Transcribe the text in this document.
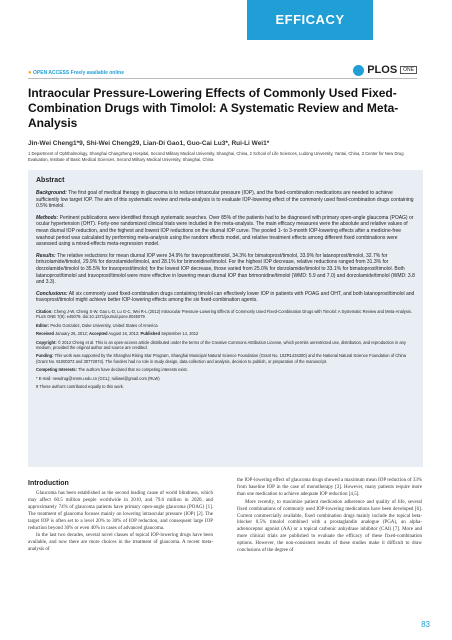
EFFICACY
● OPEN ACCESS Freely available online	PLOS	ONE
Intraocular Pressure-Lowering Effects of Commonly Used Fixed-Combination Drugs with Timolol: A Systematic Review and Meta-Analysis
Jin-Wei Cheng1*9, Shi-Wei Cheng29, Lian-Di Gao1, Guo-Cai Lu3*, Rui-Li Wei1*
1 Department of Ophthalmology, Shanghai Changzheng Hospital, Second Military Medical University, Shanghai, China, 2 School of Life Sciences, Ludong University, Yantai, China, 3 Center for New Drug Evaluation, Institute of Basic Medical Sciences, Second Military Medical University, Shanghai, China
Abstract

Background: The first goal of medical therapy in glaucoma is to reduce intraocular pressure (IOP), and the fixed-combination medications are needed to achieve sufficiently low target IOP. The aim of this systematic review and meta-analysis is to evaluate IOP-lowering effect of the commonly used fixed-combination drugs containing 0.5% timolol.

Methods: Pertinent publications were identified through systematic searches. Over 85% of the patients had to be diagnosed with primary open-angle glaucoma (POAG) or ocular hypertension (OHT). Forty-one randomized clinical trials were included in the meta-analysis. The main efficacy measures were the absolute and relative values of mean diurnal IOP reduction, and the highest and lowest IOP reductions on the diurnal IOP curve. The pooled 1- to 3-month IOP-lowering effects after a medicine-free washout period was calculated by performing meta-analysis using the random effects model, and relative treatment effects among different fixed combinations were assessed using a mixed-effects meta-regression model.

Results: The relative reductions for mean diurnal IOP were 34.9% for travoprost/timolol, 34.3% for bimatoprost/timolol, 33.9% for latanoprost/timolol, 32.7% for brinzolamide/timolol, 29.9% for dorzolamide/timolol, and 28.1% for brimonidine/timolol. For the highest IOP decrease, relative reductions ranged from 31.3% for dorzolamide/timolol to 35.5% for travoprost/timolol; for the lowest IOP decrease, those varied from 25.0% for dorzolamide/timolol to 33.1% for bimatoprost/timolol. Both latanoprost/timolol and travoprost/timolol were more effective in lowering mean diurnal IOP than brimonidine/timolol (WMD: 5.9 and 7.0) and dorzolamide/timolol (WMD: 3.8 and 3.3).

Conclusions: All six commonly used fixed-combination drugs containing timolol can effectively lower IOP in patients with POAG and OHT, and both latanoprost/timolol and travoprost/timolol might achieve better IOP-lowering effects among the six fixed-combination agents.

Citation: Cheng J-W, Cheng S-W, Gao L-D, Lu G-C, Wei R-L (2012) Intraocular Pressure-Lowering Effects of Commonly Used Fixed-Combination Drugs with Timolol: A Systematic Review and Meta-Analysis. PLoS ONE 7(9): e45079. doi:10.1371/journal.pone.0045079

Editor: Pedro Gonzalez, Duke University, United States of America

Received January 26, 2012; Accepted August 16, 2012; Published September 14, 2012

Copyright: © 2012 Cheng et al. This is an open-access article distributed under the terms of the Creative Commons Attribution License, which permits unrestricted use, distribution, and reproduction in any medium, provided the original author and source are credited.

Funding: This work was supported by the Shanghai Rising Star Program, Shanghai Municipal Natural Science Foundation (Grant No. 10ZR1434300) and the National Natural Science Foundation of China (Grant No. 81000373 and 30772874). The funders had no role in study design, data collection and analysis, decision to publish, or preparation of the manuscript.

Competing Interests: The authors have declared that no competing interests exist.

* E-mail: newdrug@smmu.edu.cn (GCL); ruiliwei@gmail.com (RLW)

9 These authors contributed equally to this work.

Introduction

Glaucoma has been established as the second leading cause of world blindness, which may affect 60.5 million people worldwide in 2010, and 79.6 million in 2020, and approximately 74% of glaucoma patients have primary open-angle glaucoma (POAG) [1]. The treatment of glaucoma focuses mainly on lowering intraocular pressure (IOP) [2]. The target IOP is often set to a level 20% to 30% of IOP reduction, and consequent large IOP reduction beyond 30% or even 40% in cases of advanced glaucoma.

In the last two decades, several novel classes of topical IOP-lowering drugs have been available, and now there are more choices in the treatment of glaucoma. A recent meta-analysis of

the IOP-lowering effect of glaucoma drugs showed a maximum mean IOP reduction of 33% from baseline IOP in the case of monotherapy [3]. However, many patients require more than one medication to achieve adequate IOP reduction [4,5].

More recently, to maximize patient medication adherence and quality of life, several fixed combinations of commonly used IOP-lowering medications have been developed [6]. Current commercially available, fixed combination drugs mainly include the topical beta-blocker 0.5% timolol combined with a prostaglandin analogue (PGA), an alpha-adrenoceptor agonist (AA) or a topical carbonic anhydrase inhibitor (CAI) [7]. More and more clinical trials are published to evaluate the efficacy of these fixed-combination options. However, the non-consistent results of these studies make it difficult to draw conclusions of the degree of

83
